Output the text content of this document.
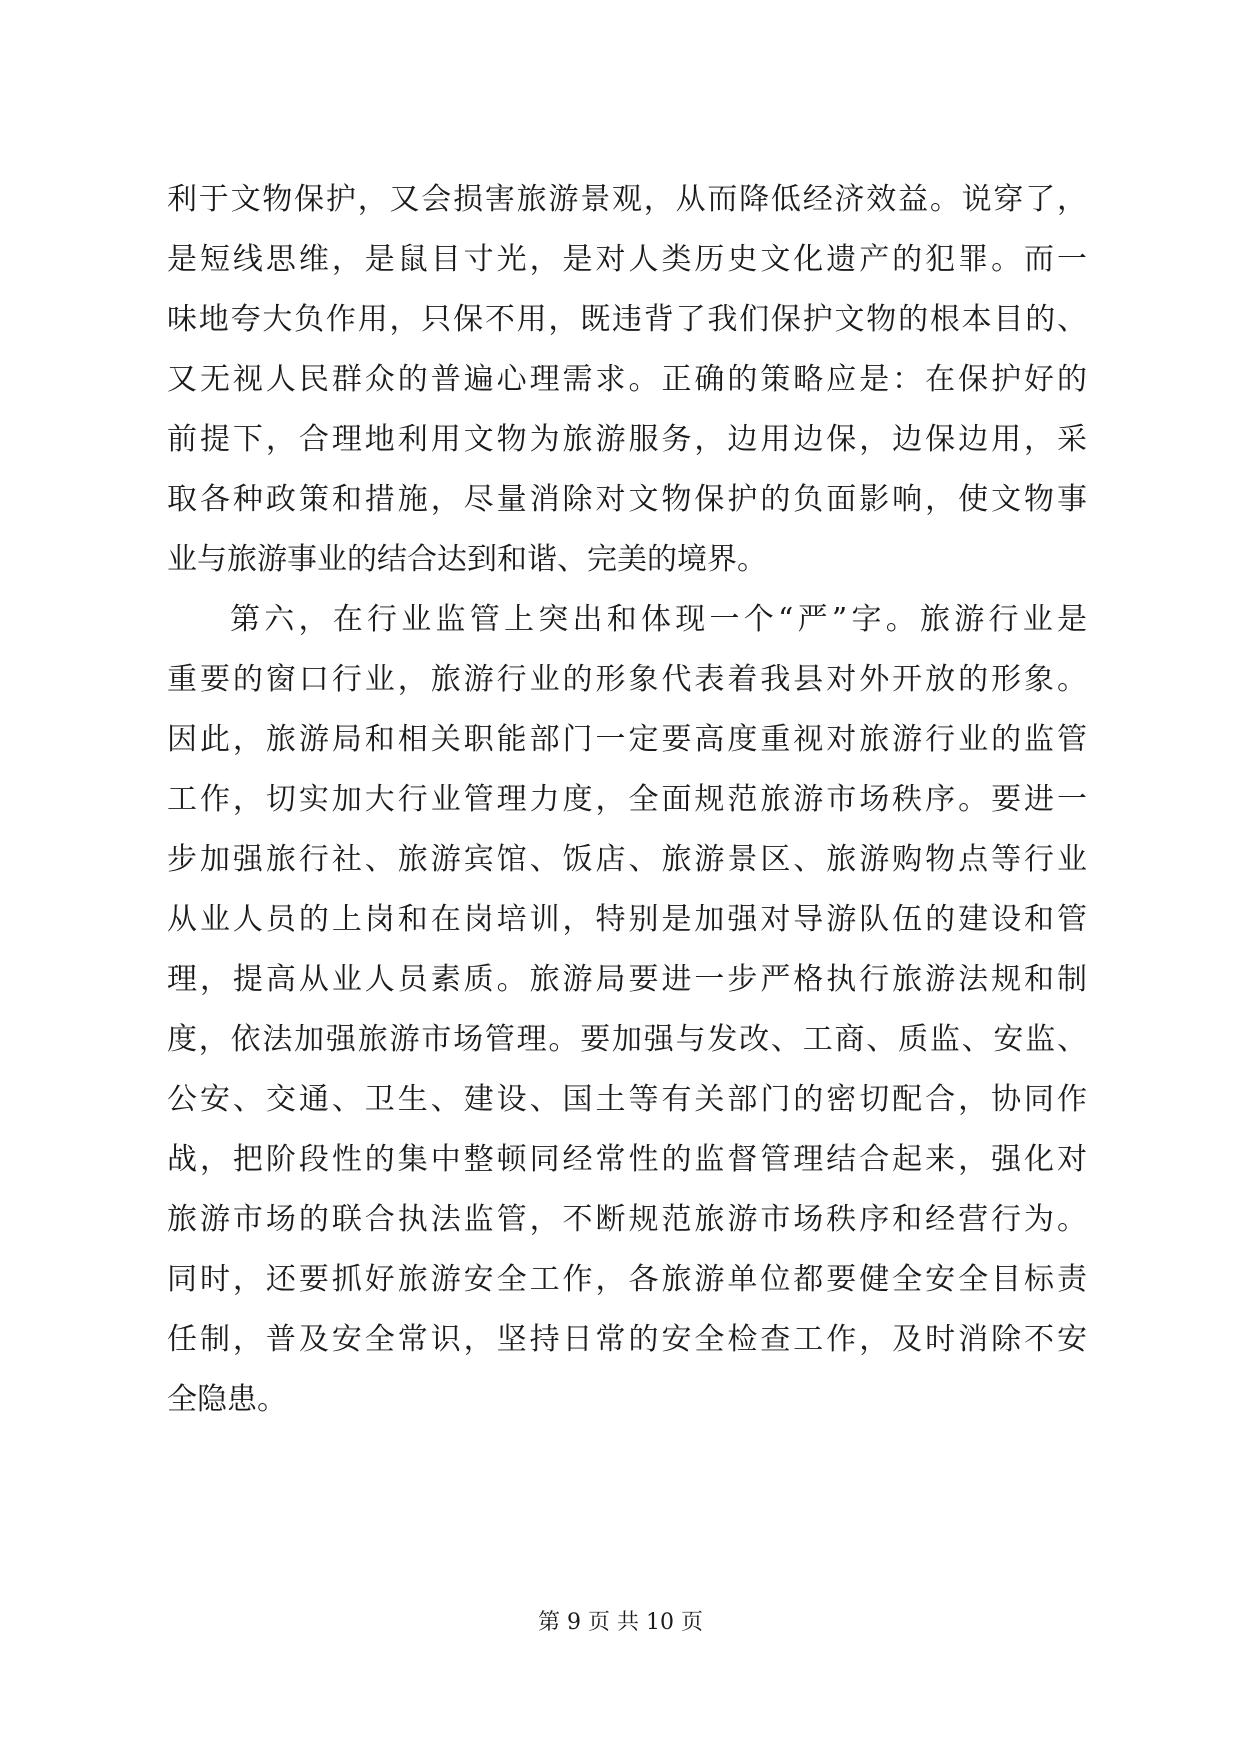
利于文物保护，又会损害旅游景观，从而降低经济效益。说穿了，
是短线思维，是鼠目寸光，是对人类历史文化遗产的犯罪。而一
味地夸大负作用，只保不用，既违背了我们保护文物的根本目的、
又无视人民群众的普遍心理需求。正确的策略应是：在保护好的
前提下，合理地利用文物为旅游服务，边用边保，边保边用，采
取各种政策和措施，尽量消除对文物保护的负面影响，使文物事
业与旅游事业的结合达到和谐、完美的境界。
第六，在行业监管上突出和体现一个“严”字。旅游行业是
重要的窗口行业，旅游行业的形象代表着我县对外开放的形象。
因此，旅游局和相关职能部门一定要高度重视对旅游行业的监管
工作，切实加大行业管理力度，全面规范旅游市场秩序。要进一
步加强旅行社、旅游宾馆、饭店、旅游景区、旅游购物点等行业
从业人员的上岗和在岗培训，特别是加强对导游队伍的建设和管
理，提高从业人员素质。旅游局要进一步严格执行旅游法规和制
度，依法加强旅游市场管理。要加强与发改、工商、质监、安监、
公安、交通、卫生、建设、国土等有关部门的密切配合，协同作
战，把阶段性的集中整顿同经常性的监督管理结合起来，强化对
旅游市场的联合执法监管，不断规范旅游市场秩序和经营行为。
同时，还要抓好旅游安全工作，各旅游单位都要健全安全目标责
任制，普及安全常识，坚持日常的安全检查工作，及时消除不安
全隐患。
第 9 页 共 10 页
